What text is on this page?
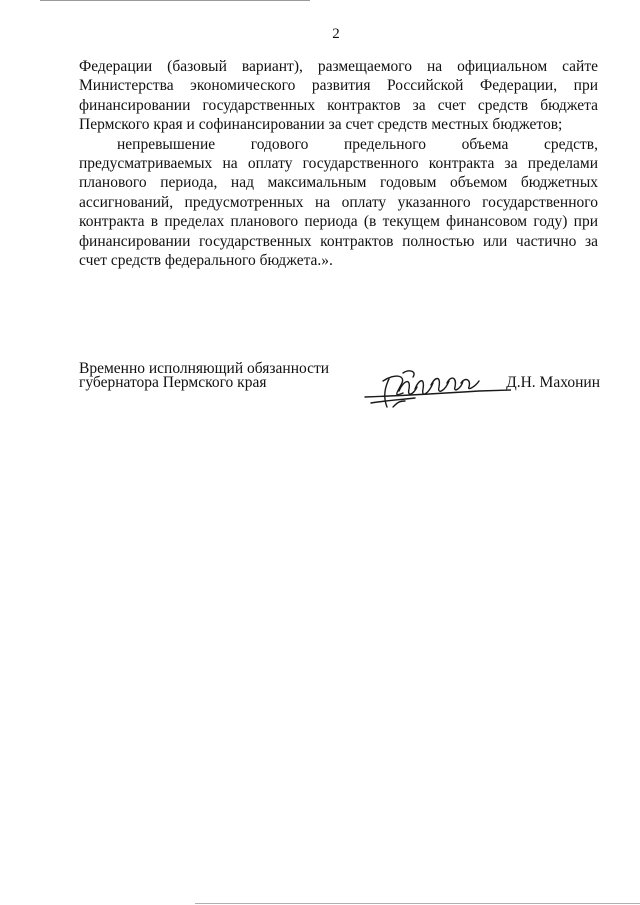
2

Федерации (базовый вариант), размещаемого на официальном сайте Министерства экономического развития Российской Федерации, при финансировании государственных контрактов за счет средств бюджета Пермского края и софинансировании за счет средств местных бюджетов;

непревышение годового предельного объема средств, предусматриваемых на оплату государственного контракта за пределами планового периода, над максимальным годовым объемом бюджетных ассигнований, предусмотренных на оплату указанного государственного контракта в пределах планового периода (в текущем финансовом году) при финансировании государственных контрактов полностью или частично за счет средств федерального бюджета.».

Временно исполняющий обязанности
губернатора Пермского края	Д.Н. Махонин
